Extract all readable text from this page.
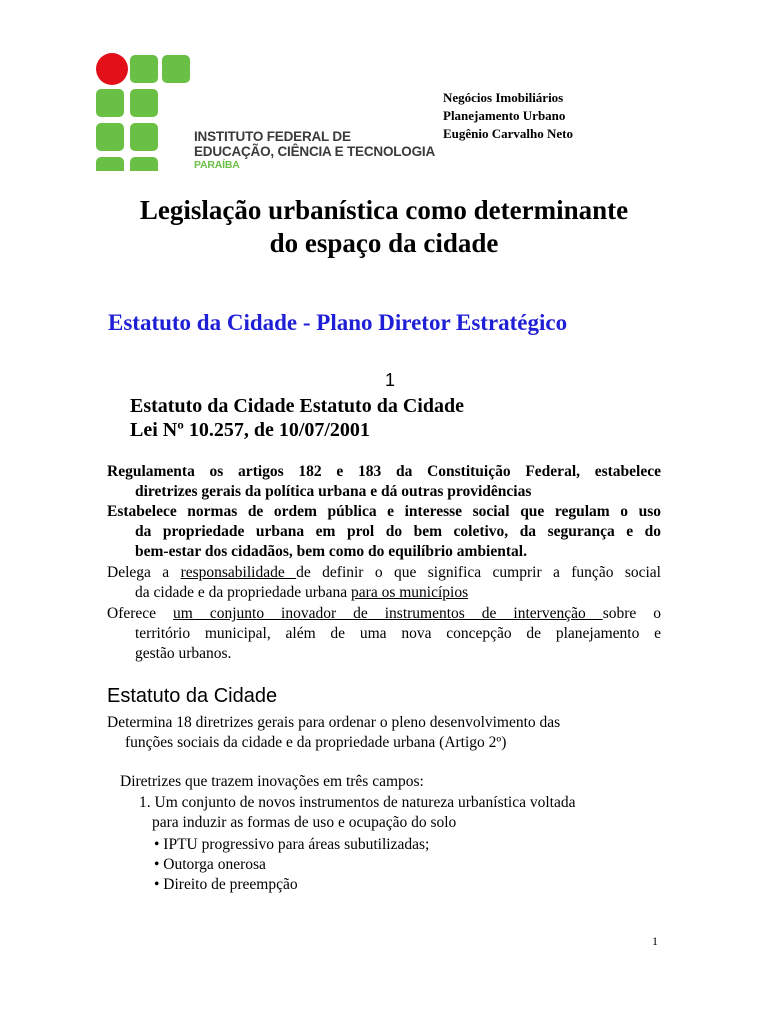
INSTITUTO FEDERAL DE
EDUCAÇÃO, CIÊNCIA E TECNOLOGIA
PARAÍBA
Negócios Imobiliários
Planejamento Urbano
Eugênio Carvalho Neto
Legislação urbanística como determinante
do espaço da cidade
Estatuto da Cidade - Plano Diretor Estratégico
1
Estatuto da Cidade Estatuto da Cidade
Lei Nº 10.257, de 10/07/2001
Regulamenta os artigos 182 e 183 da Constituição Federal, estabelece
diretrizes gerais da política urbana e dá outras providências
Estabelece normas de ordem pública e interesse social que regulam o uso
da propriedade urbana em prol do bem coletivo, da segurança e do
bem-estar dos cidadãos, bem como do equilíbrio ambiental.
Delega a responsabilidade de definir o que significa cumprir a função social
da cidade e da propriedade urbana para os municípios
Oferece um conjunto inovador de instrumentos de intervenção sobre o
território municipal, além de uma nova concepção de planejamento e
gestão urbanos.
Estatuto da Cidade
Determina 18 diretrizes gerais para ordenar o pleno desenvolvimento das
funções sociais da cidade e da propriedade urbana (Artigo 2º)
Diretrizes que trazem inovações em três campos:
1. Um conjunto de novos instrumentos de natureza urbanística voltada
para induzir as formas de uso e ocupação do solo
• IPTU progressivo para áreas subutilizadas;
• Outorga onerosa
• Direito de preempção
1
